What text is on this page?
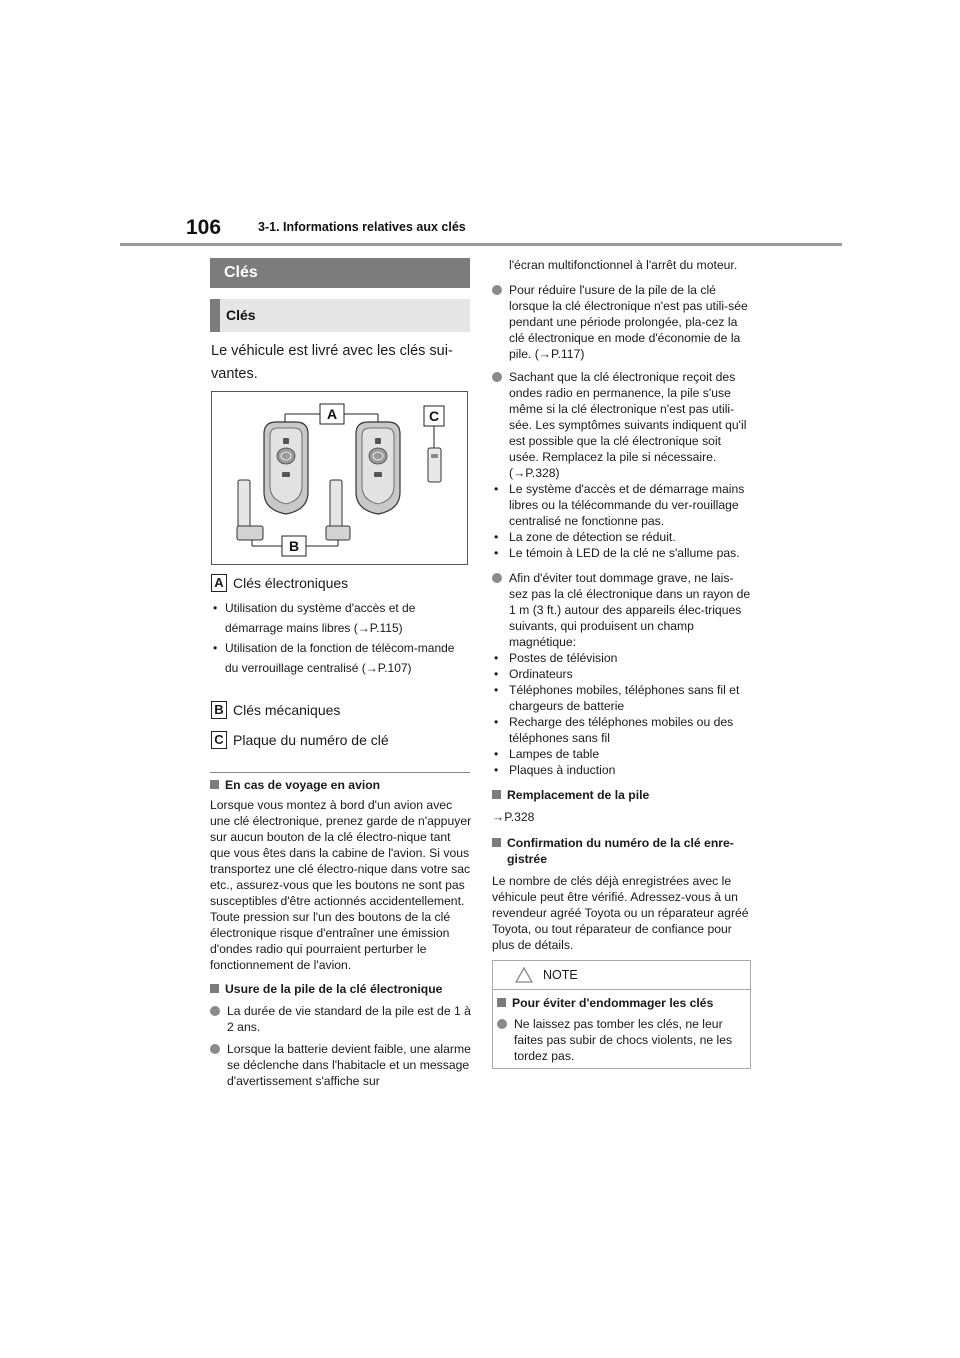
106	3-1. Informations relatives aux clés
Clés
Clés
Le véhicule est livré avec les clés sui-vantes.
A
B
C
A Clés électroniques
• Utilisation du système d'accès et de démarrage mains libres (→P.115)
• Utilisation de la fonction de télécom-mande du verrouillage centralisé (→P.107)
B Clés mécaniques
C Plaque du numéro de clé
En cas de voyage en avion
Lorsque vous montez à bord d'un avion avec une clé électronique, prenez garde de n'appuyer sur aucun bouton de la clé électro-nique tant que vous êtes dans la cabine de l'avion. Si vous transportez une clé électro-nique dans votre sac etc., assurez-vous que les boutons ne sont pas susceptibles d'être actionnés accidentellement. Toute pression sur l'un des boutons de la clé électronique risque d'entraîner une émission d'ondes radio qui pourraient perturber le fonctionnement de l'avion.
Usure de la pile de la clé électronique
La durée de vie standard de la pile est de 1 à 2 ans.
Lorsque la batterie devient faible, une alarme se déclenche dans l'habitacle et un message d'avertissement s'affiche sur
l'écran multifonctionnel à l'arrêt du moteur.
Pour réduire l'usure de la pile de la clé lorsque la clé électronique n'est pas utili-sée pendant une période prolongée, pla-cez la clé électronique en mode d'économie de la pile. (→P.117)
Sachant que la clé électronique reçoit des ondes radio en permanence, la pile s'use même si la clé électronique n'est pas utili-sée. Les symptômes suivants indiquent qu'il est possible que la clé électronique soit usée. Remplacez la pile si nécessaire. (→P.328)
• Le système d'accès et de démarrage mains libres ou la télécommande du ver-rouillage centralisé ne fonctionne pas.
• La zone de détection se réduit.
• Le témoin à LED de la clé ne s'allume pas.
Afin d'éviter tout dommage grave, ne lais-sez pas la clé électronique dans un rayon de 1 m (3 ft.) autour des appareils élec-triques suivants, qui produisent un champ magnétique:
• Postes de télévision
• Ordinateurs
• Téléphones mobiles, téléphones sans fil et chargeurs de batterie
• Recharge des téléphones mobiles ou des téléphones sans fil
• Lampes de table
• Plaques à induction
Remplacement de la pile
→P.328
Confirmation du numéro de la clé enre-gistrée
Le nombre de clés déjà enregistrées avec le véhicule peut être vérifié. Adressez-vous à un revendeur agréé Toyota ou un réparateur agréé Toyota, ou tout réparateur de confiance pour plus de détails.
NOTE
Pour éviter d'endommager les clés
Ne laissez pas tomber les clés, ne leur faites pas subir de chocs violents, ne les tordez pas.
